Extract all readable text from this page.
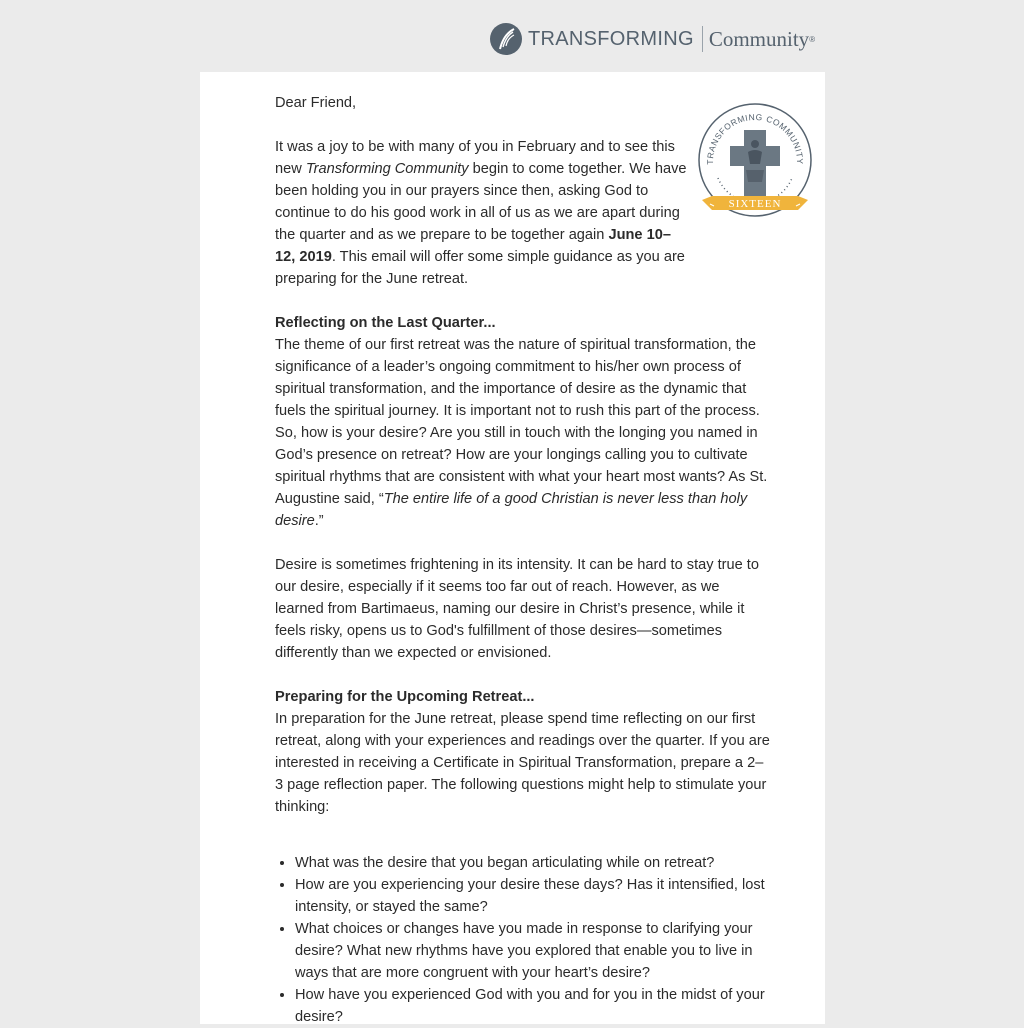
TRANSFORMING Community ®
TRANSFORMING COMMUNITY
SIXTEEN

Dear Friend,

It was a joy to be with many of you in February and to see this new Transforming Community begin to come together. We have been holding you in our prayers since then, asking God to continue to do his good work in all of us as we are apart during the quarter and as we prepare to be together again June 10–12, 2019. This email will offer some simple guidance as you are preparing for the June retreat.

Reflecting on the Last Quarter...
The theme of our first retreat was the nature of spiritual transformation, the significance of a leader’s ongoing commitment to his/her own process of spiritual transformation, and the importance of desire as the dynamic that fuels the spiritual journey. It is important not to rush this part of the process. So, how is your desire? Are you still in touch with the longing you named in God’s presence on retreat? How are your longings calling you to cultivate spiritual rhythms that are consistent with what your heart most wants? As St. Augustine said, “The entire life of a good Christian is never less than holy desire.”

Desire is sometimes frightening in its intensity. It can be hard to stay true to our desire, especially if it seems too far out of reach. However, as we learned from Bartimaeus, naming our desire in Christ’s presence, while it feels risky, opens us to God's fulfillment of those desires—sometimes differently than we expected or envisioned.

Preparing for the Upcoming Retreat...
In preparation for the June retreat, please spend time reflecting on our first retreat, along with your experiences and readings over the quarter. If you are interested in receiving a Certificate in Spiritual Transformation, prepare a 2–3 page reflection paper. The following questions might help to stimulate your thinking:

• What was the desire that you began articulating while on retreat?
• How are you experiencing your desire these days? Has it intensified, lost intensity, or stayed the same?
• What choices or changes have you made in response to clarifying your desire? What new rhythms have you explored that enable you to live in ways that are more congruent with your heart’s desire?
• How have you experienced God with you and for you in the midst of your desire?
